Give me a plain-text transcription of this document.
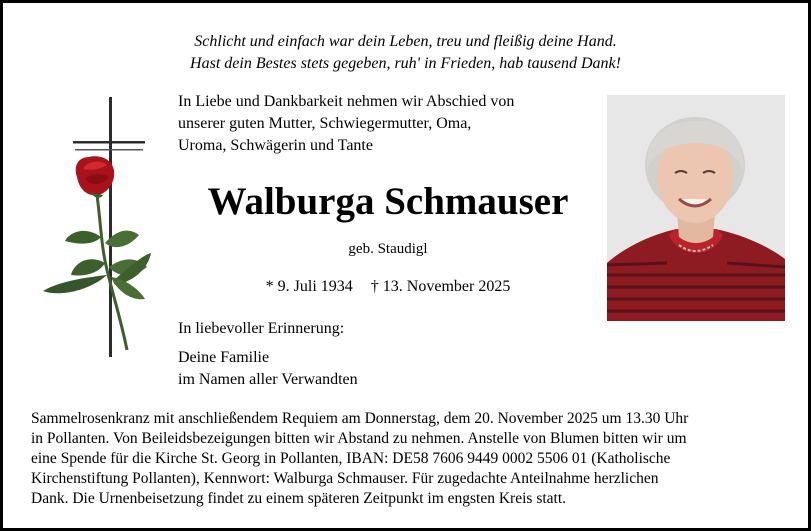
Schlicht und einfach war dein Leben, treu und fleißig deine Hand.
Hast dein Bestes stets gegeben, ruh' in Frieden, hab tausend Dank!
In Liebe und Dankbarkeit nehmen wir Abschied von
unserer guten Mutter, Schwiegermutter, Oma,
Uroma, Schwägerin und Tante
Walburga Schmauser
geb. Staudigl
* 9. Juli 1934 † 13. November 2025
In liebevoller Erinnerung:
Deine Familie
im Namen aller Verwandten
Sammelrosenkranz mit anschließendem Requiem am Donnerstag, dem 20. November 2025 um 13.30 Uhr
in Pollanten. Von Beileidsbezeigungen bitten wir Abstand zu nehmen. Anstelle von Blumen bitten wir um
eine Spende für die Kirche St. Georg in Pollanten, IBAN: DE58 7606 9449 0002 5506 01 (Katholische
Kirchenstiftung Pollanten), Kennwort: Walburga Schmauser. Für zugedachte Anteilnahme herzlichen
Dank. Die Urnenbeisetzung findet zu einem späteren Zeitpunkt im engsten Kreis statt.
